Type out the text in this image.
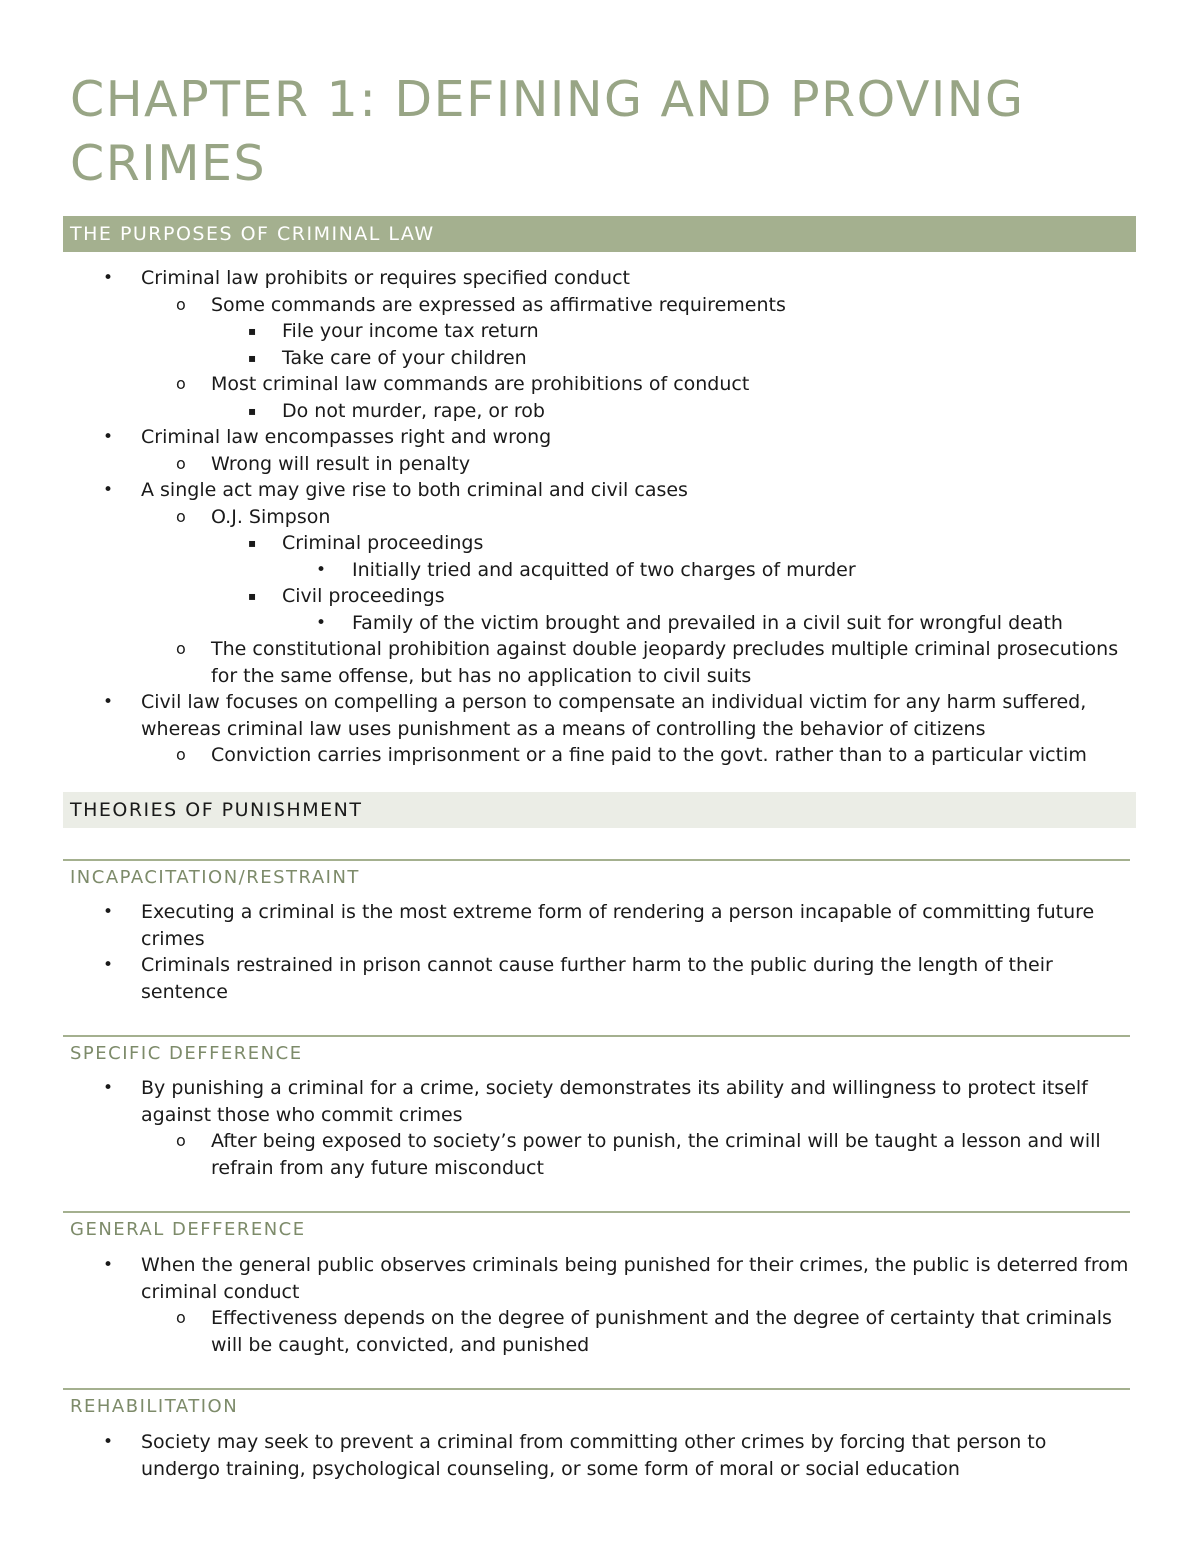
CHAPTER 1: DEFINING AND PROVING CRIMES
THE PURPOSES OF CRIMINAL LAW
• Criminal law prohibits or requires specified conduct
o Some commands are expressed as affirmative requirements
▪ File your income tax return
▪ Take care of your children
o Most criminal law commands are prohibitions of conduct
▪ Do not murder, rape, or rob
• Criminal law encompasses right and wrong
o Wrong will result in penalty
• A single act may give rise to both criminal and civil cases
o O.J. Simpson
▪ Criminal proceedings
• Initially tried and acquitted of two charges of murder
▪ Civil proceedings
• Family of the victim brought and prevailed in a civil suit for wrongful death
o The constitutional prohibition against double jeopardy precludes multiple criminal prosecutions for the same offense, but has no application to civil suits
• Civil law focuses on compelling a person to compensate an individual victim for any harm suffered, whereas criminal law uses punishment as a means of controlling the behavior of citizens
o Conviction carries imprisonment or a fine paid to the govt. rather than to a particular victim
THEORIES OF PUNISHMENT
INCAPACITATION/RESTRAINT
• Executing a criminal is the most extreme form of rendering a person incapable of committing future crimes
• Criminals restrained in prison cannot cause further harm to the public during the length of their sentence
SPECIFIC DEFFERENCE
• By punishing a criminal for a crime, society demonstrates its ability and willingness to protect itself against those who commit crimes
o After being exposed to society’s power to punish, the criminal will be taught a lesson and will refrain from any future misconduct
GENERAL DEFFERENCE
• When the general public observes criminals being punished for their crimes, the public is deterred from criminal conduct
o Effectiveness depends on the degree of punishment and the degree of certainty that criminals will be caught, convicted, and punished
REHABILITATION
• Society may seek to prevent a criminal from committing other crimes by forcing that person to undergo training, psychological counseling, or some form of moral or social education
